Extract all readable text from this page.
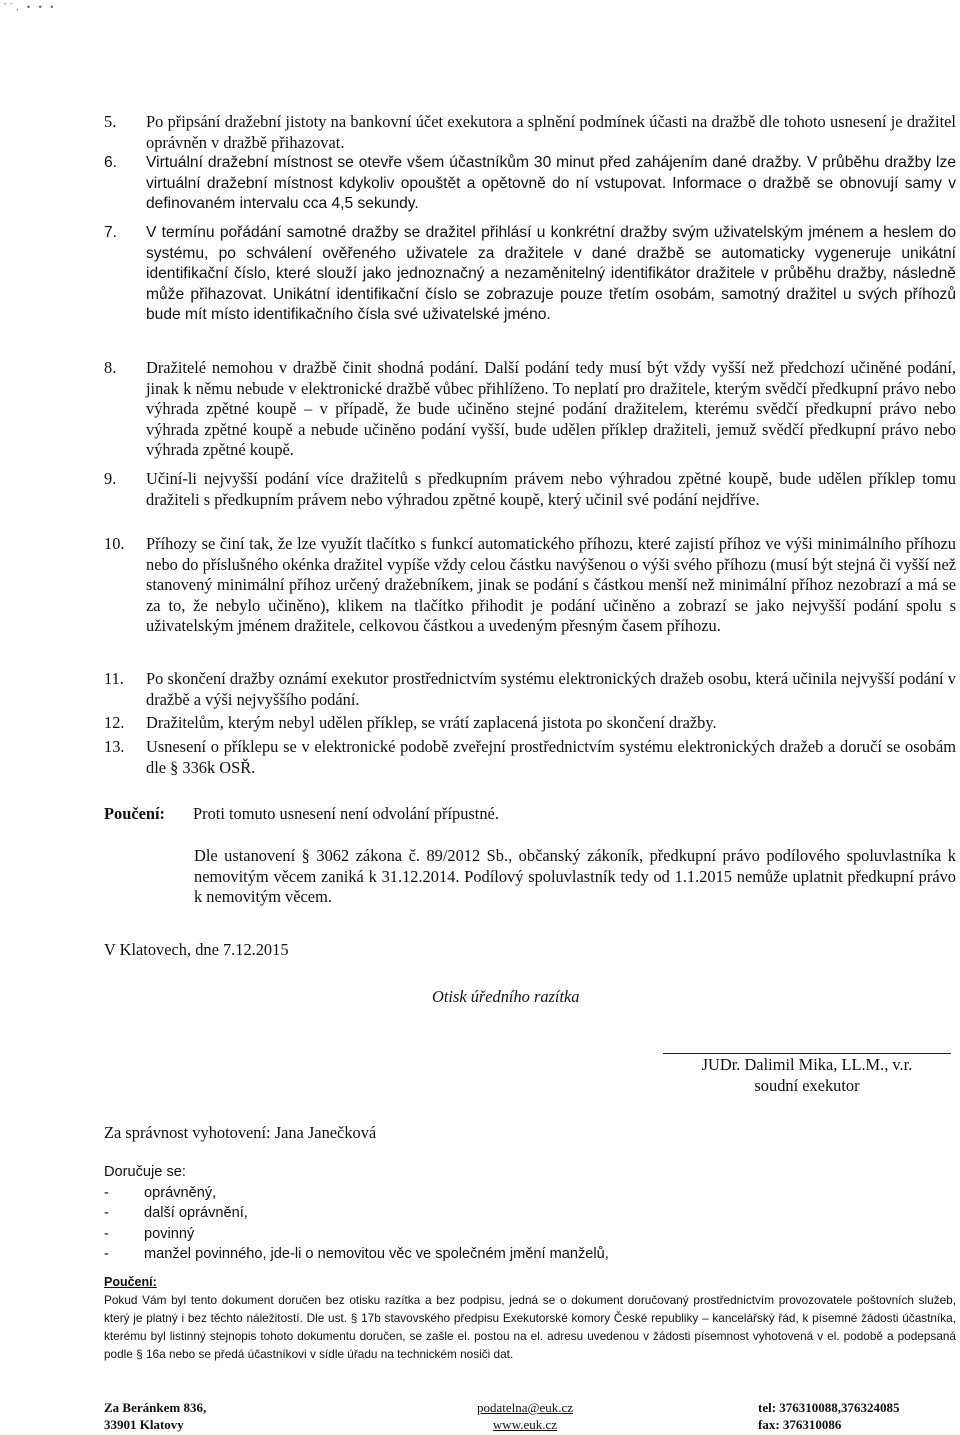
´´, • • •
5.	Po připsání dražební jistoty na bankovní účet exekutora a splnění podmínek účasti na dražbě dle tohoto usnesení je dražitel oprávněn v dražbě přihazovat.
6.	Virtuální dražební místnost se otevře všem účastníkům 30 minut před zahájením dané dražby. V průběhu dražby lze virtuální dražební místnost kdykoliv opouštět a opětovně do ní vstupovat. Informace o dražbě se obnovují samy v definovaném intervalu cca 4,5 sekundy.
7.	V termínu pořádání samotné dražby se dražitel přihlásí u konkrétní dražby svým uživatelským jménem a heslem do systému, po schválení ověřeného uživatele za dražitele v dané dražbě se automaticky vygeneruje unikátní identifikační číslo, které slouží jako jednoznačný a nezaměnitelný identifikátor dražitele v průběhu dražby, následně může přihazovat. Unikátní identifikační číslo se zobrazuje pouze třetím osobám, samotný dražitel u svých příhozů bude mít místo identifikačního čísla své uživatelské jméno.
8.	Dražitelé nemohou v dražbě činit shodná podání. Další podání tedy musí být vždy vyšší než předchozí učiněné podání, jinak k němu nebude v elektronické dražbě vůbec přihlíženo. To neplatí pro dražitele, kterým svědčí předkupní právo nebo výhrada zpětné koupě – v případě, že bude učiněno stejné podání dražitelem, kterému svědčí předkupní právo nebo výhrada zpětné koupě a nebude učiněno podání vyšší, bude udělen příklep dražiteli, jemuž svědčí předkupní právo nebo výhrada zpětné koupě.
9.	Učiní-li nejvyšší podání více dražitelů s předkupním právem nebo výhradou zpětné koupě, bude udělen příklep tomu dražiteli s předkupním právem nebo výhradou zpětné koupě, který učinil své podání nejdříve.
10.	Příhozy se činí tak, že lze využít tlačítko s funkcí automatického příhozu, které zajistí příhoz ve výši minimálního příhozu nebo do příslušného okénka dražitel vypíše vždy celou částku navýšenou o výši svého příhozu (musí být stejná či vyšší než stanovený minimální příhoz určený dražebníkem, jinak se podání s částkou menší než minimální příhoz nezobrazí a má se za to, že nebylo učiněno), klikem na tlačítko přihodit je podání učiněno a zobrazí se jako nejvyšší podání spolu s uživatelským jménem dražitele, celkovou částkou a uvedeným přesným časem příhozu.
11.	Po skončení dražby oznámí exekutor prostřednictvím systému elektronických dražeb osobu, která učinila nejvyšší podání v dražbě a výši nejvyššího podání.
12.	Dražitelům, kterým nebyl udělen příklep, se vrátí zaplacená jistota po skončení dražby.
13.	Usnesení o příklepu se v elektronické podobě zveřejní prostřednictvím systému elektronických dražeb a doručí se osobám dle § 336k OSŘ.
Poučení: Proti tomuto usnesení není odvolání přípustné.
Dle ustanovení § 3062 zákona č. 89/2012 Sb., občanský zákoník, předkupní právo podílového spoluvlastníka k nemovitým věcem zaniká k 31.12.2014. Podílový spoluvlastník tedy od 1.1.2015 nemůže uplatnit předkupní právo k nemovitým věcem.
V Klatovech, dne 7.12.2015
Otisk úředního razítka
JUDr. Dalimil Mika, LL.M., v.r.
soudní exekutor
Za správnost vyhotovení: Jana Janečková
Doručuje se:
- oprávněný,
- další oprávnění,
- povinný
- manžel povinného, jde-li o nemovitou věc ve společném jmění manželů,
Poučení:
Pokud Vám byl tento dokument doručen bez otisku razítka a bez podpisu, jedná se o dokument doručovaný prostřednictvím provozovatele poštovních služeb, který je platný i bez těchto náležitostí. Dle ust. § 17b stavovského předpisu Exekutorské komory České republiky – kancelářský řád, k písemné žádosti účastníka, kterému byl listinný stejnopis tohoto dokumentu doručen, se zašle el. postou na el. adresu uvedenou v žádosti písemnost vyhotovená v el. podobě a podepsaná podle § 16a nebo se předá účastníkovi v sídle úřadu na technickém nosiči dat.
Za Beránkem 836,
33901 Klatovy
podatelna@euk.cz
www.euk.cz
tel: 376310088,376324085
fax: 376310086
